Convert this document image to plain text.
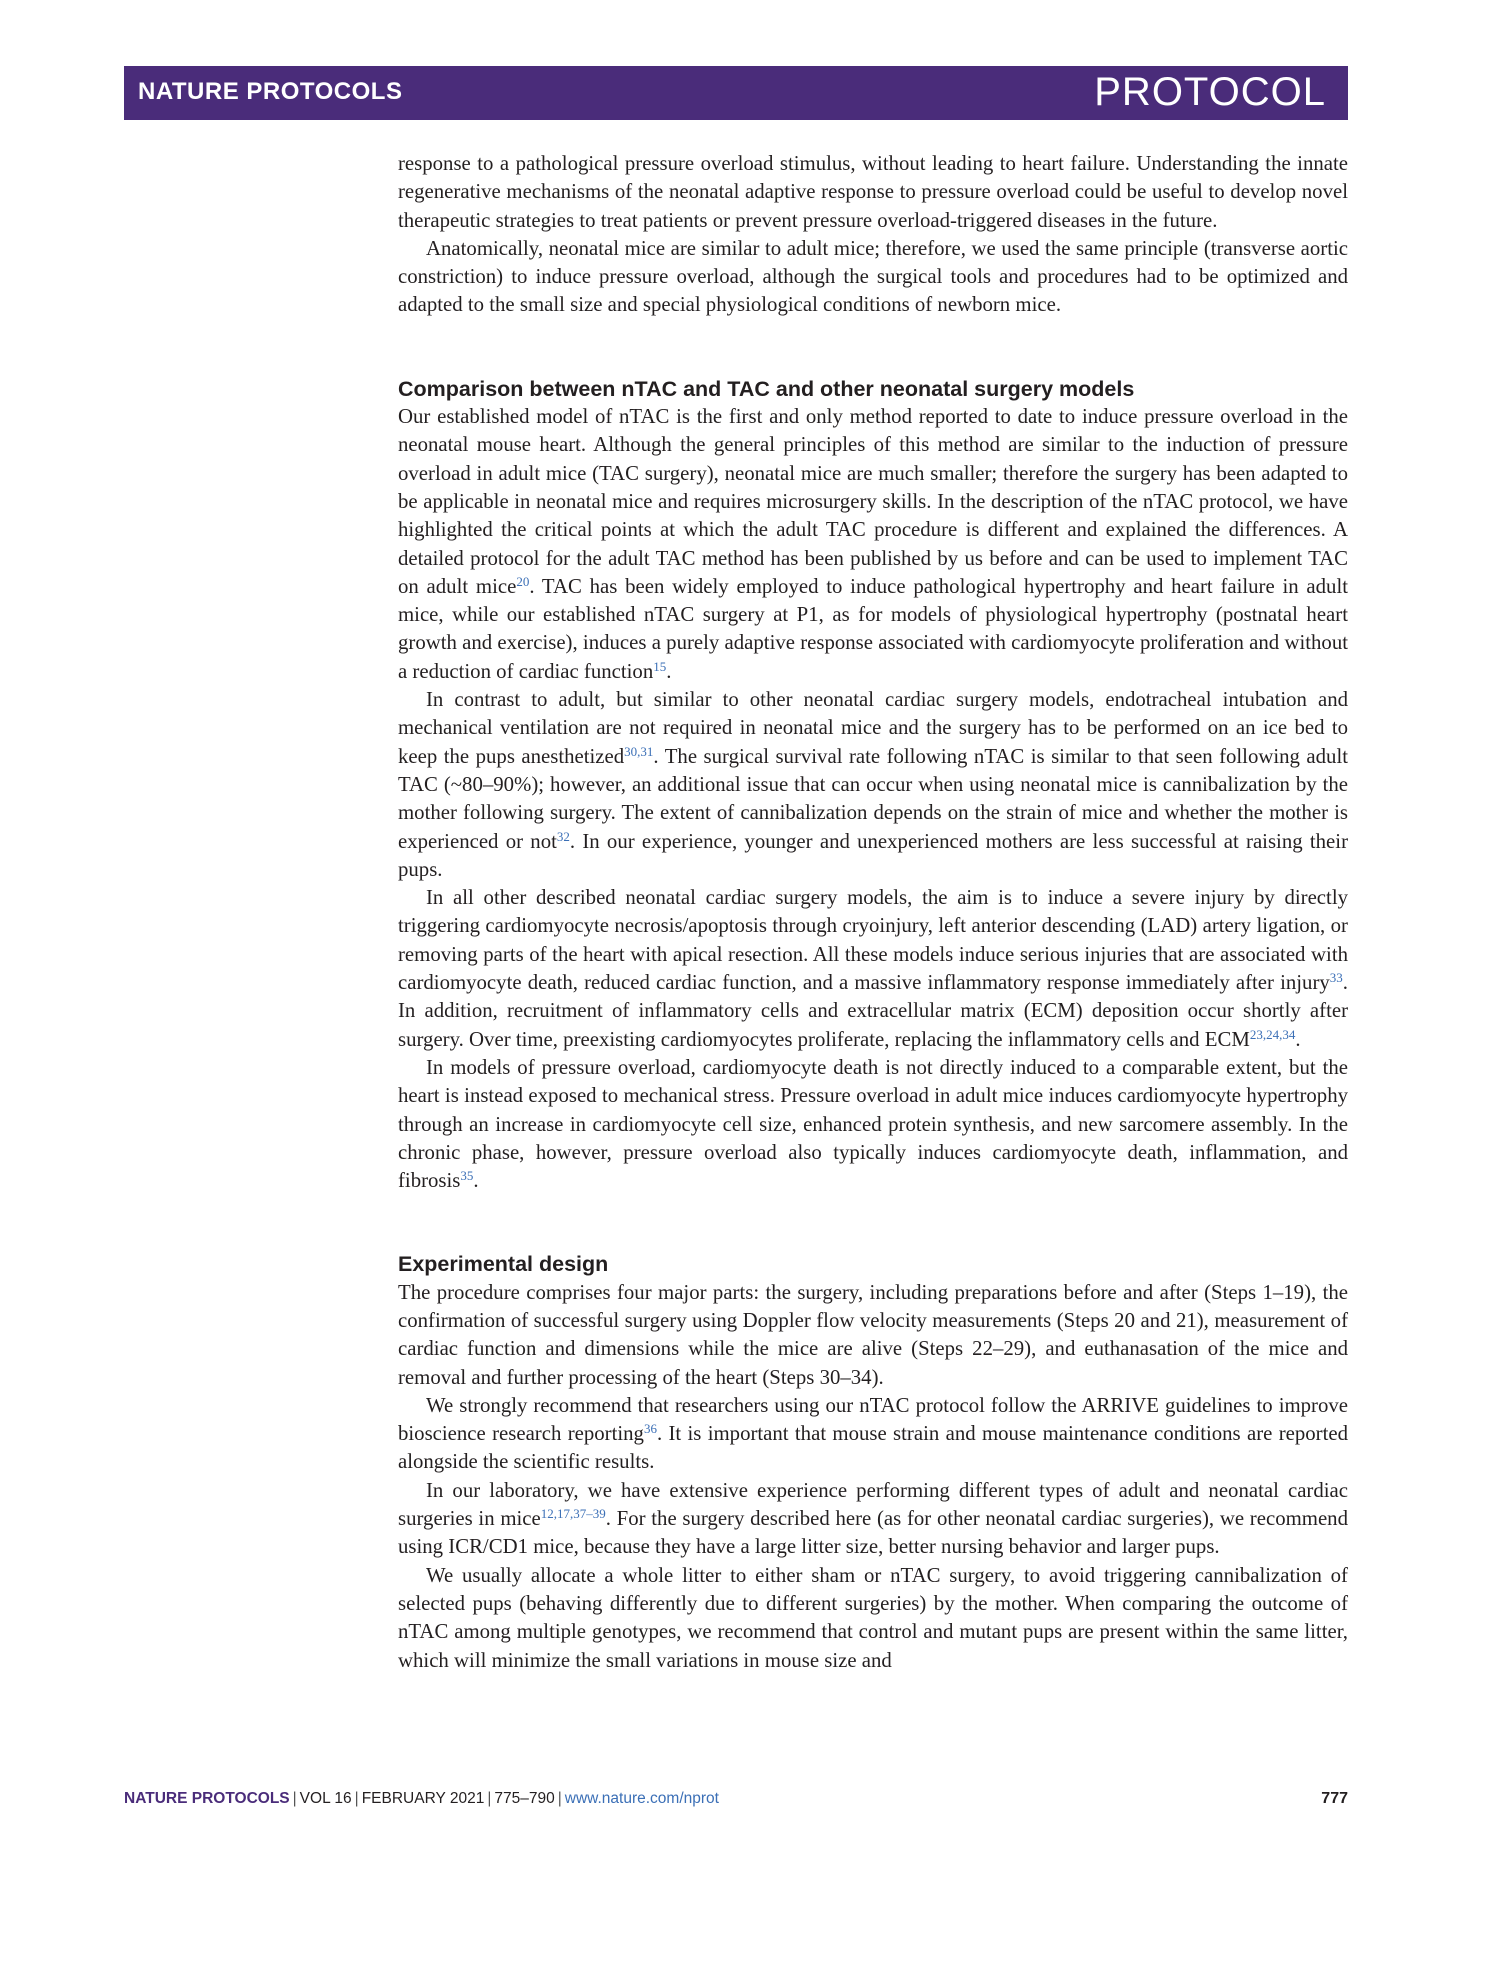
NATURE PROTOCOLS	PROTOCOL

response to a pathological pressure overload stimulus, without leading to heart failure. Understanding the innate regenerative mechanisms of the neonatal adaptive response to pressure overload could be useful to develop novel therapeutic strategies to treat patients or prevent pressure overload-triggered diseases in the future.

Anatomically, neonatal mice are similar to adult mice; therefore, we used the same principle (transverse aortic constriction) to induce pressure overload, although the surgical tools and procedures had to be optimized and adapted to the small size and special physiological conditions of newborn mice.

Comparison between nTAC and TAC and other neonatal surgery models

Our established model of nTAC is the first and only method reported to date to induce pressure overload in the neonatal mouse heart. Although the general principles of this method are similar to the induction of pressure overload in adult mice (TAC surgery), neonatal mice are much smaller; therefore the surgery has been adapted to be applicable in neonatal mice and requires microsurgery skills. In the description of the nTAC protocol, we have highlighted the critical points at which the adult TAC procedure is different and explained the differences. A detailed protocol for the adult TAC method has been published by us before and can be used to implement TAC on adult mice$^{20}$. TAC has been widely employed to induce pathological hypertrophy and heart failure in adult mice, while our established nTAC surgery at P1, as for models of physiological hypertrophy (postnatal heart growth and exercise), induces a purely adaptive response associated with cardiomyocyte proliferation and without a reduction of cardiac function$^{15}$.

In contrast to adult, but similar to other neonatal cardiac surgery models, endotracheal intubation and mechanical ventilation are not required in neonatal mice and the surgery has to be performed on an ice bed to keep the pups anesthetized$^{30,31}$. The surgical survival rate following nTAC is similar to that seen following adult TAC (~80–90%); however, an additional issue that can occur when using neonatal mice is cannibalization by the mother following surgery. The extent of cannibalization depends on the strain of mice and whether the mother is experienced or not$^{32}$. In our experience, younger and unexperienced mothers are less successful at raising their pups.

In all other described neonatal cardiac surgery models, the aim is to induce a severe injury by directly triggering cardiomyocyte necrosis/apoptosis through cryoinjury, left anterior descending (LAD) artery ligation, or removing parts of the heart with apical resection. All these models induce serious injuries that are associated with cardiomyocyte death, reduced cardiac function, and a massive inflammatory response immediately after injury$^{33}$. In addition, recruitment of inflammatory cells and extracellular matrix (ECM) deposition occur shortly after surgery. Over time, preexisting cardiomyocytes proliferate, replacing the inflammatory cells and ECM$^{23,24,34}$.

In models of pressure overload, cardiomyocyte death is not directly induced to a comparable extent, but the heart is instead exposed to mechanical stress. Pressure overload in adult mice induces cardiomyocyte hypertrophy through an increase in cardiomyocyte cell size, enhanced protein synthesis, and new sarcomere assembly. In the chronic phase, however, pressure overload also typically induces cardiomyocyte death, inflammation, and fibrosis$^{35}$.

Experimental design

The procedure comprises four major parts: the surgery, including preparations before and after (Steps 1–19), the confirmation of successful surgery using Doppler flow velocity measurements (Steps 20 and 21), measurement of cardiac function and dimensions while the mice are alive (Steps 22–29), and euthanasation of the mice and removal and further processing of the heart (Steps 30–34).

We strongly recommend that researchers using our nTAC protocol follow the ARRIVE guidelines to improve bioscience research reporting$^{36}$. It is important that mouse strain and mouse maintenance conditions are reported alongside the scientific results.

In our laboratory, we have extensive experience performing different types of adult and neonatal cardiac surgeries in mice$^{12,17,37-39}$. For the surgery described here (as for other neonatal cardiac surgeries), we recommend using ICR/CD1 mice, because they have a large litter size, better nursing behavior and larger pups.

We usually allocate a whole litter to either sham or nTAC surgery, to avoid triggering cannibalization of selected pups (behaving differently due to different surgeries) by the mother. When comparing the outcome of nTAC among multiple genotypes, we recommend that control and mutant pups are present within the same litter, which will minimize the small variations in mouse size and

NATURE PROTOCOLS | VOL 16 | FEBRUARY 2021 | 775–790 | www.nature.com/nprot	777
